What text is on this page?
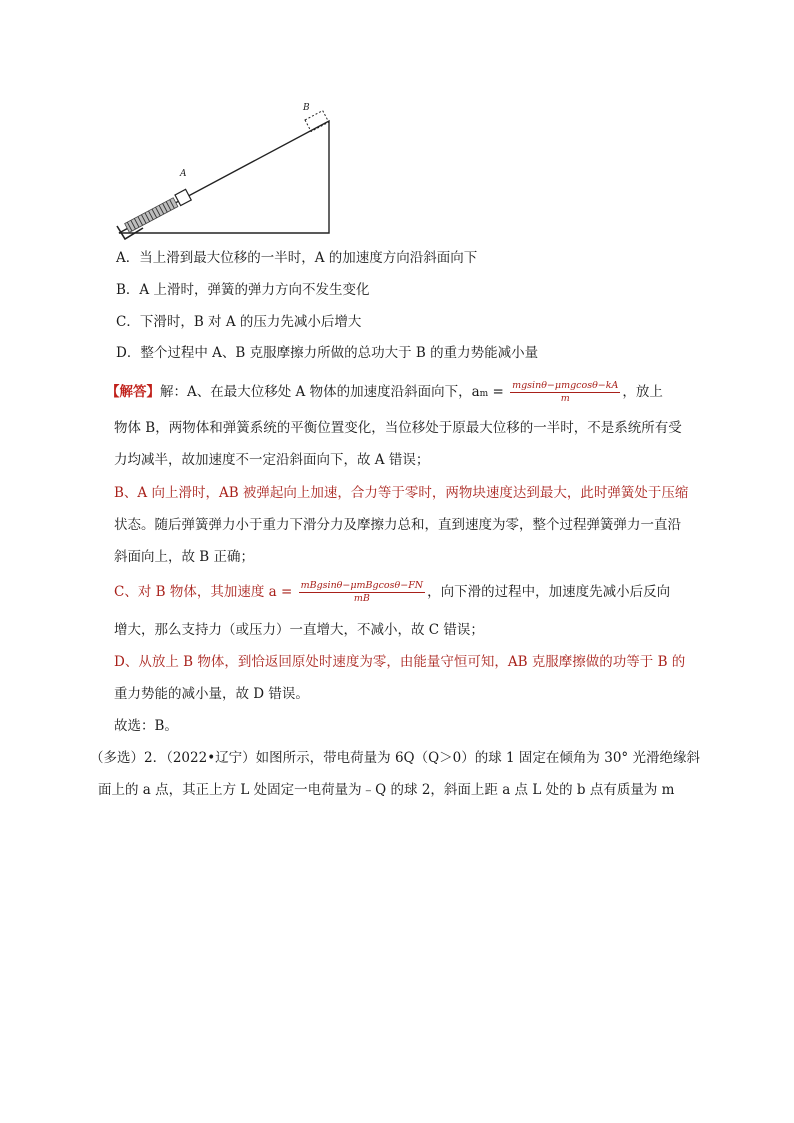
A
B
A．当上滑到最大位移的一半时，A 的加速度方向沿斜面向下
B．A 上滑时，弹簧的弹力方向不发生变化
C．下滑时，B 对 A 的压力先减小后增大
D．整个过程中 A、B 克服摩擦力所做的总功大于 B 的重力势能减小量
【解答】解：A、在最大位移处 A 物体的加速度沿斜面向下，am = $\frac{\text{mgsinθ−μmgcosθ−kA}}{m}$ ，放上
物体 B，两物体和弹簧系统的平衡位置变化，当位移处于原最大位移的一半时，不是系统所有受
力均减半，故加速度不一定沿斜面向下，故 A 错误；
B、A 向上滑时，AB 被弹起向上加速，合力等于零时，两物块速度达到最大，此时弹簧处于压缩
状态。随后弹簧弹力小于重力下滑分力及摩擦力总和，直到速度为零，整个过程弹簧弹力一直沿
斜面向上，故 B 正确；
C、对 B 物体，其加速度 $a = \frac{\text{mBgsinθ−μmBgcosθ−FN}}{mB}$ ，向下滑的过程中，加速度先减小后反向
增大，那么支持力（或压力）一直增大，不减小，故 C 错误；
D、从放上 B 物体，到恰返回原处时速度为零，由能量守恒可知，AB 克服摩擦做的功等于 B 的
重力势能的减小量，故 D 错误。
故选：B。
（多选）2．（2022•辽宁）如图所示，带电荷量为 6Q（Q＞0）的球 1 固定在倾角为 30° 光滑绝缘斜
面上的 a 点，其正上方 L 处固定一电荷量为﹣Q 的球 2，斜面上距 a 点 L 处的 b 点有质量为 m
